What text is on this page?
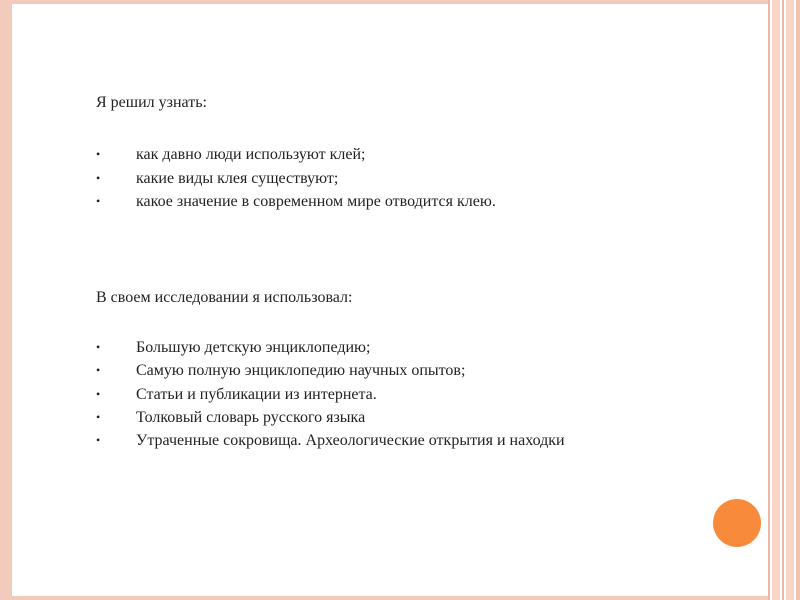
Я решил узнать:
• как давно люди используют клей;
• какие виды клея существуют;
• какое значение в современном мире отводится клею.
В своем исследовании я использовал:
• Большую детскую энциклопедию;
• Самую полную энциклопедию научных опытов;
• Статьи и публикации из интернета.
• Толковый словарь русского языка
• Утраченные сокровища. Археологические открытия и находки
